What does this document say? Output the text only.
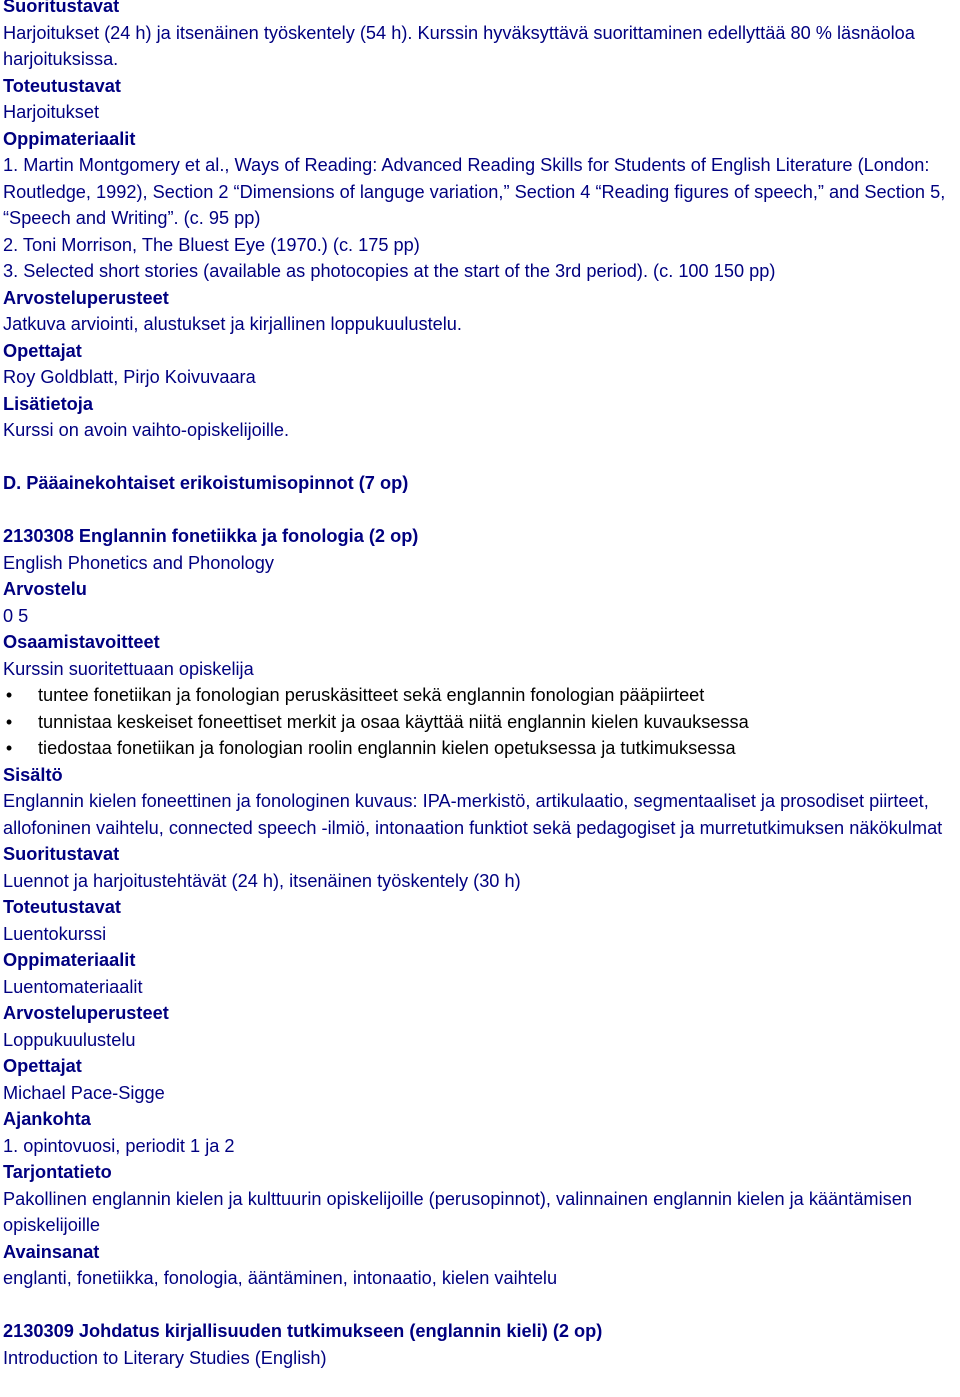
Suoritustavat
Harjoitukset (24 h) ja itsenäinen työskentely (54 h). Kurssin hyväksyttävä suorittaminen edellyttää 80 % läsnäoloa harjoituksissa.
Toteutustavat
Harjoitukset
Oppimateriaalit
1. Martin Montgomery et al., Ways of Reading: Advanced Reading Skills for Students of English Literature (London: Routledge, 1992), Section 2 “Dimensions of languge variation,” Section 4 “Reading figures of speech,” and Section 5, “Speech and Writing”. (c. 95 pp)
2. Toni Morrison, The Bluest Eye (1970.) (c. 175 pp)
3. Selected short stories (available as photocopies at the start of the 3rd period). (c. 100 150 pp)
Arvosteluperusteet
Jatkuva arviointi, alustukset ja kirjallinen loppukuulustelu.
Opettajat
Roy Goldblatt, Pirjo Koivuvaara
Lisätietoja
Kurssi on avoin vaihto-opiskelijoille.
D. Pääainekohtaiset erikoistumisopinnot (7 op)
2130308 Englannin fonetiikka ja fonologia (2 op)
English Phonetics and Phonology
Arvostelu
0 5
Osaamistavoitteet
Kurssin suoritettuaan opiskelija
• tuntee fonetiikan ja fonologian peruskäsitteet sekä englannin fonologian pääpiirteet
• tunnistaa keskeiset foneettiset merkit ja osaa käyttää niitä englannin kielen kuvauksessa
• tiedostaa fonetiikan ja fonologian roolin englannin kielen opetuksessa ja tutkimuksessa
Sisältö
Englannin kielen foneettinen ja fonologinen kuvaus: IPA-merkistö, artikulaatio, segmentaaliset ja prosodiset piirteet, allofoninen vaihtelu, connected speech -ilmiö, intonaation funktiot sekä pedagogiset ja murretutkimuksen näkökulmat
Suoritustavat
Luennot ja harjoitustehtävät (24 h), itsenäinen työskentely (30 h)
Toteutustavat
Luentokurssi
Oppimateriaalit
Luentomateriaalit
Arvosteluperusteet
Loppukuulustelu
Opettajat
Michael Pace-Sigge
Ajankohta
1. opintovuosi, periodit 1 ja 2
Tarjontatieto
Pakollinen englannin kielen ja kulttuurin opiskelijoille (perusopinnot), valinnainen englannin kielen ja kääntämisen opiskelijoille
Avainsanat
englanti, fonetiikka, fonologia, ääntäminen, intonaatio, kielen vaihtelu
2130309 Johdatus kirjallisuuden tutkimukseen (englannin kieli) (2 op)
Introduction to Literary Studies (English)
